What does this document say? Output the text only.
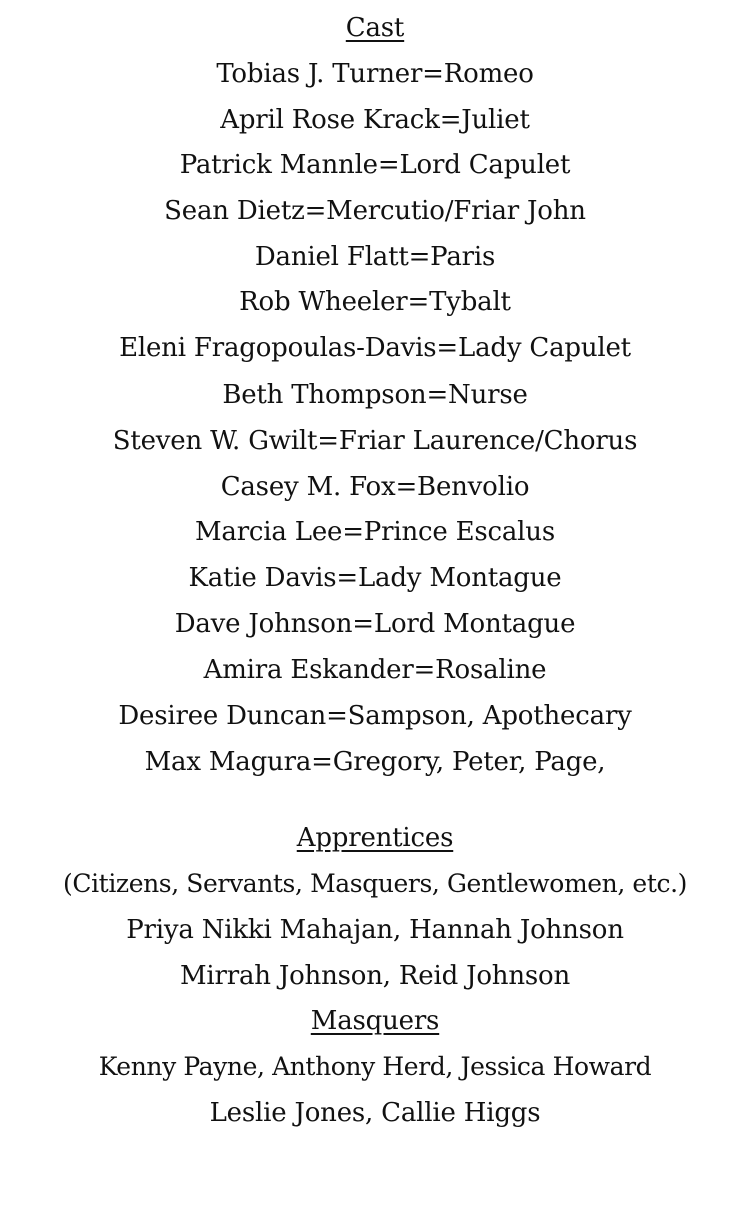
Cast
Tobias J. Turner=Romeo
April Rose Krack=Juliet
Patrick Mannle=Lord Capulet
Sean Dietz=Mercutio/Friar John
Daniel Flatt=Paris
Rob Wheeler=Tybalt
Eleni Fragopoulas-Davis=Lady Capulet
Beth Thompson=Nurse
Steven W. Gwilt=Friar Laurence/Chorus
Casey M. Fox=Benvolio
Marcia Lee=Prince Escalus
Katie Davis=Lady Montague
Dave Johnson=Lord Montague
Amira Eskander=Rosaline
Desiree Duncan=Sampson, Apothecary
Max Magura=Gregory, Peter, Page,
Apprentices
(Citizens, Servants, Masquers, Gentlewomen, etc.)
Priya Nikki Mahajan, Hannah Johnson
Mirrah Johnson, Reid Johnson
Masquers
Kenny Payne, Anthony Herd, Jessica Howard
Leslie Jones, Callie Higgs
